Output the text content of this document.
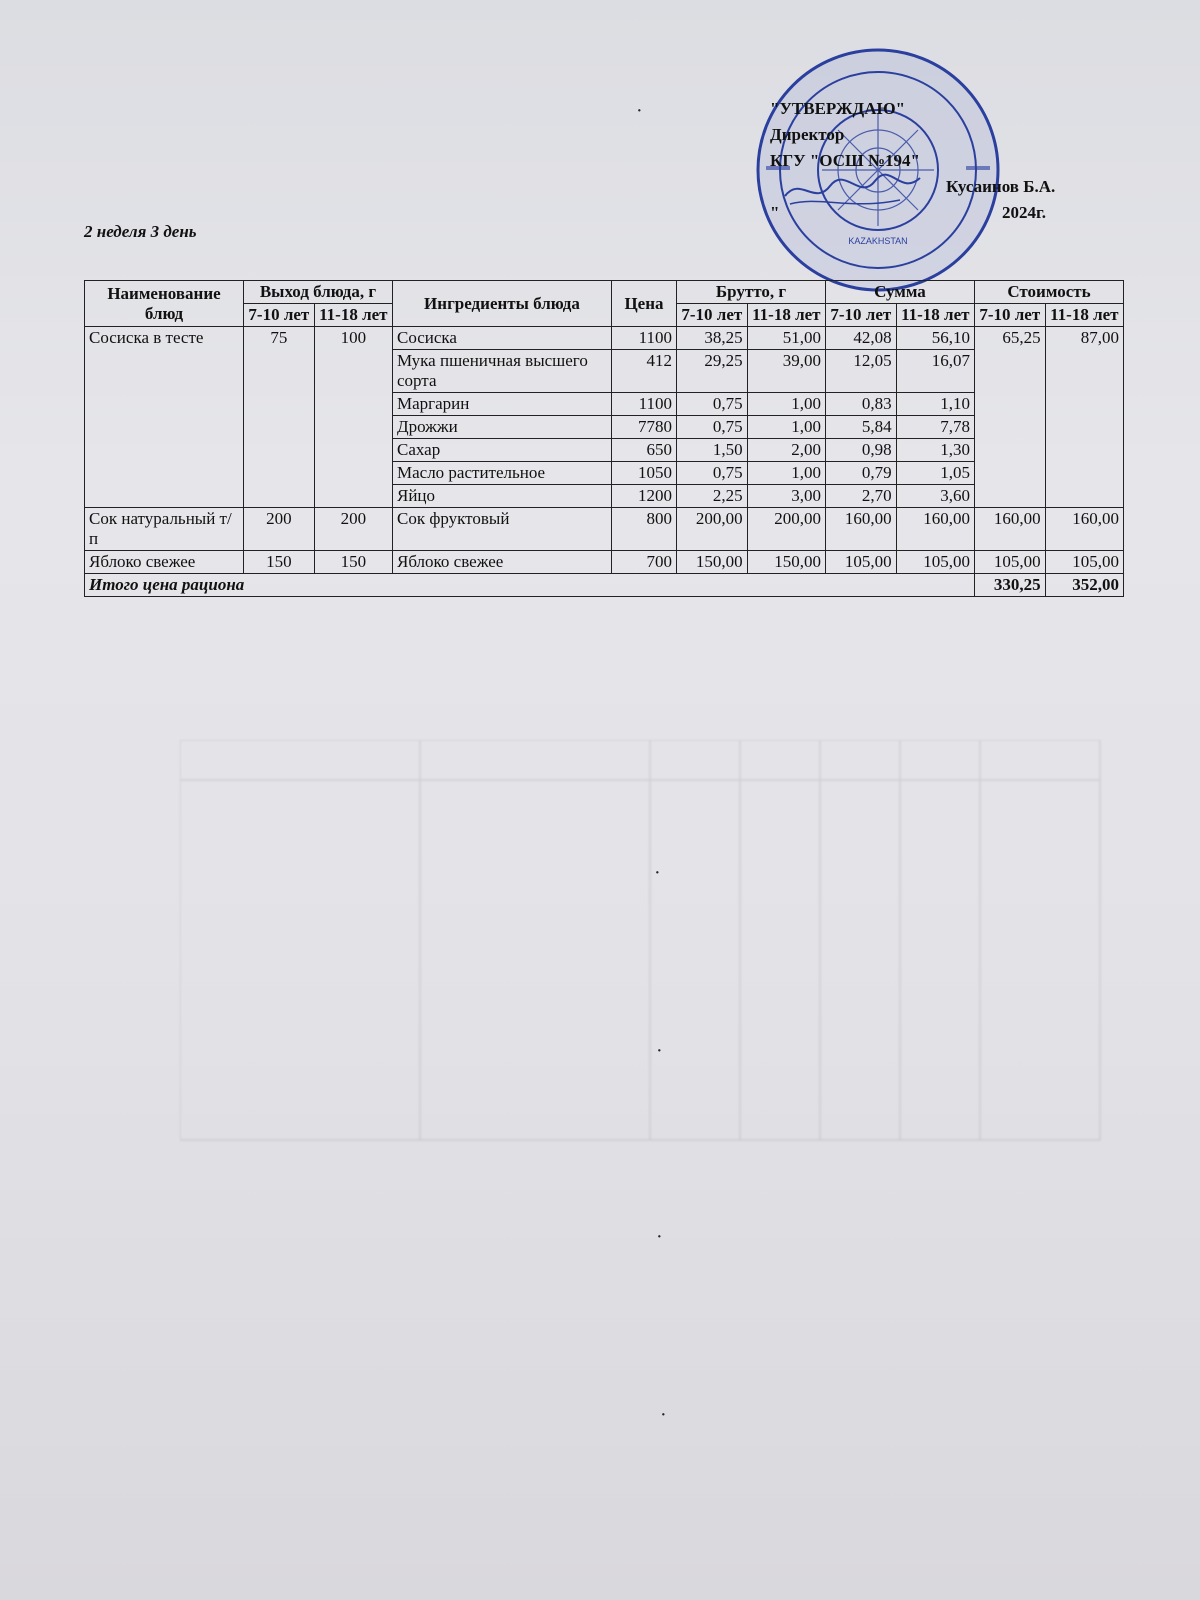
KAZAKHSTAN
"УТВЕРЖДАЮ"
Директор
КГУ "ОСШ №194"
Кусаинов Б.А.
"	2024г.
2 неделя 3 день
Наименование блюд	Выход блюда, г		Ингредиенты блюда	Цена	Брутто, г		Сумма		Стоимость	
	7-10 лет	11-18 лет			7-10 лет	11-18 лет	7-10 лет	11-18 лет	7-10 лет	11-18 лет
Сосиска в тесте	75	100	Сосиска	1100	38,25	51,00	42,08	56,10	65,25	87,00
			Мука пшеничная высшего сорта	412	29,25	39,00	12,05	16,07		
			Маргарин	1100	0,75	1,00	0,83	1,10		
			Дрожжи	7780	0,75	1,00	5,84	7,78		
			Сахар	650	1,50	2,00	0,98	1,30		
			Масло растительное	1050	0,75	1,00	0,79	1,05		
			Яйцо	1200	2,25	3,00	2,70	3,60		
Сок натуральный т/п	200	200	Сок фруктовый	800	200,00	200,00	160,00	160,00	160,00	160,00
Яблоко свежее	150	150	Яблоко свежее	700	150,00	150,00	105,00	105,00	105,00	105,00
Итого цена рациона									330,25	352,00
·
·
·
·
·
